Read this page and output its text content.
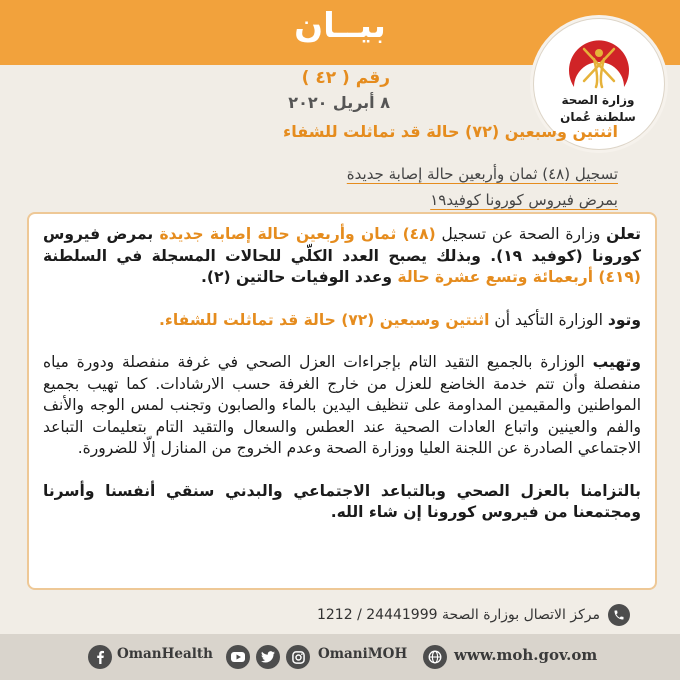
بيــان
رقم ( ٤٢ )
٨ أبريل ٢٠٢٠	وزارة الصحة
سلطنة عُمان
اثنتين وسبعين (٧٢) حالة قد تماثلت للشفاء
تسجيل (٤٨) ثمان وأربعين حالة إصابة جديدة
بمرض فيروس كورونا كوفيد١٩

تعلن وزارة الصحة عن تسجيل (٤٨) ثمان وأربعين حالة إصابة جديدة بمرض فيروس كورونا (كوفيد ١٩). وبذلك يصبح العدد الكلّي للحالات المسجلة في السلطنة (٤١٩) أربعمائة وتسع عشرة حالة وعدد الوفيات حالتين (٢).

وتود الوزارة التأكيد أن اثنتين وسبعين (٧٢) حالة قد تماثلت للشفاء.

وتهيب الوزارة بالجميع التقيد التام بإجراءات العزل الصحي في غرفة منفصلة ودورة مياه منفصلة وأن تتم خدمة الخاضع للعزل من خارج الغرفة حسب الارشادات. كما تهيب بجميع المواطنين والمقيمين المداومة على تنظيف اليدين بالماء والصابون وتجنب لمس الوجه والأنف والفم والعينين واتباع العادات الصحية عند العطس والسعال والتقيد التام بتعليمات التباعد الاجتماعي الصادرة عن اللجنة العليا ووزارة الصحة وعدم الخروج من المنازل إلّا للضرورة.

بالتزامنا بالعزل الصحي وبالتباعد الاجتماعي والبدني سنقي أنفسنا وأسرنا ومجتمعنا من فيروس كورونا إن شاء الله.

مركز الاتصال بوزارة الصحة 24441999 / 1212
OmanHealth	OmaniMOH	www.moh.gov.om
